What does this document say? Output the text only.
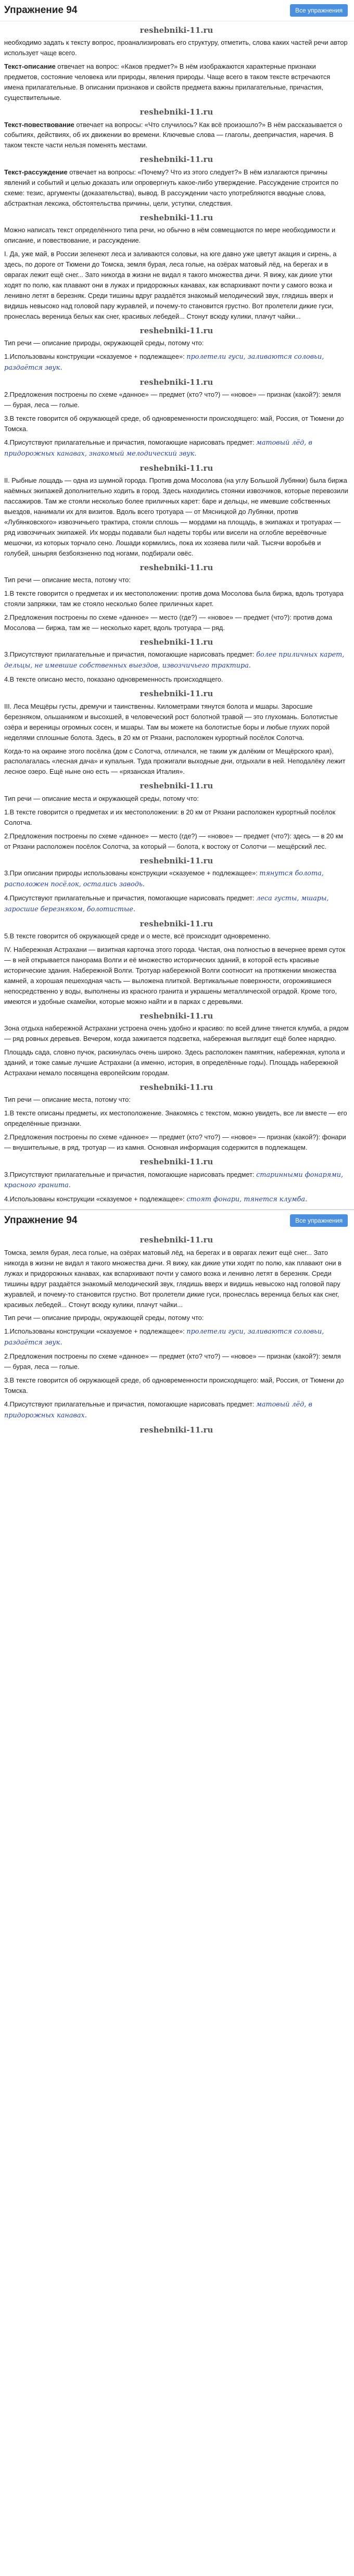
Упражнение 94	Все упражнения
reshebniki-11.ru

необходимо задать к тексту вопрос, проанализировать его структуру, отметить, слова каких частей речи автор использует чаще всего.

Текст-описание отвечает на вопрос: «Каков предмет?» В нём изображаются характерные признаки предметов, состояние человека или природы, явления природы. Чаще всего в таком тексте встречаются имена прилагательные. В описании признаков и свойств предмета важны прилагательные, причастия, существительные.

reshebniki-11.ru

Текст-повествование отвечает на вопросы: «Что случилось? Как всё произошло?» В нём рассказывается о событиях, действиях, об их движении во времени. Ключевые слова — глаголы, деепричастия, наречия. В таком тексте части нельзя поменять местами.

reshebniki-11.ru

Текст-рассуждение отвечает на вопросы: «Почему? Что из этого следует?» В нём излагаются причины явлений и событий и целью доказать или опровергнуть какое-либо утверждение. Рассуждение строится по схеме: тезис, аргументы (доказательства), вывод. В рассуждении часто употребляются вводные слова, абстрактная лексика, обстоятельства причины, цели, уступки, следствия.

reshebniki-11.ru

Можно написать текст определённого типа речи, но обычно в нём совмещаются по мере необходимости и описание, и повествование, и рассуждение.

I. Да, уже май, в России зеленеют леса и заливаются соловьи, на юге давно уже цветут акация и сирень, а здесь, по дороге от Тюмени до Томска, земля бурая, леса голые, на озёрах матовый лёд, на берегах и в оврагах лежит ещё снег... Зато никогда в жизни не видал я такого множества дичи. Я вижу, как дикие утки ходят по полю, как плавают они в лужах и придорожных канавах, как вспархивают почти у самого возка и ленивно летят в березняк. Среди тишины вдруг раздаётся знакомый мелодический звук, глядишь вверх и видишь невысоко над головой пару журавлей, и почему-то становится грустно. Вот пролетели дикие гуси, пронеслась вереница белых как снег, красивых лебедей... Стонут всюду кулики, плачут чайки...

reshebniki-11.ru

Тип речи — описание природы, окружающей среды, потому что:

1.Использованы конструкции «сказуемое + подлежащее»: пролетели гуси, заливаются соловьи, раздаётся звук.

reshebniki-11.ru

2.Предложения построены по схеме «данное» — предмет (кто? что?) — «новое» — признак (какой?): земля — бурая, леса — голые.

3.В тексте говорится об окружающей среде, об одновременности происходящего: май, Россия, от Тюмени до Томска.

4.Присутствуют прилагательные и причастия, помогающие нарисовать предмет: матовый лёд, в придорожных канавах, знакомый мелодический звук.

reshebniki-11.ru

II. Рыбные лощадь — одна из шумной города. Против дома Мосолова (на углу Большой Лубянки) была биржа наёмных экипажей дополнительно ходить в город. Здесь находились стоянки извозчиков, которые перевозили пассажиров. Там же стояли несколько более приличных карет: баре и дельцы, не имевшие собственных выездов, нанимали их для визитов. Вдоль всего тротуара — от Мясницкой до Лубянки, против «Лубянковского» извозчичьего трактира, стояли сплошь — мордами на площадь, в экипажах и тротуарах — ряд извозчичьих экипажей. Их морды подавали был надеты торбы или висели на оглобле вереёвочные мешочки, из которых торчало сено. Лошади кормились, пока их хозяева пили чай. Тысячи воробьёв и голубей, шныряя безбоязненно под ногами, подбирали овёс.

reshebniki-11.ru

Тип речи — описание места, потому что:

1.В тексте говорится о предметах и их местоположении: против дома Мосолова была биржа, вдоль тротуара стояли запряжки, там же стояло несколько более приличных карет.

2.Предложения построены по схеме «данное» — место (где?) — «новое» — предмет (что?): против дома Мосолова — биржа, там же — несколько карет, вдоль тротуара — ряд.

reshebniki-11.ru

3.Присутствуют прилагательные и причастия, помогающие нарисовать предмет: более приличных карет, дельцы, не имевшие собственных выездов, извозчичьего трактира.

4.В тексте описано место, показано одновременность происходящего.

reshebniki-11.ru

III. Леса Мещёры густы, дремучи и таинственны. Километрами тянутся болота и мшары. Заросшие березняком, ольшаником и высохшей, в человеческий рост болотной травой — это глухомань. Болотистые озёра и вереницы огромных сосен, и мшары. Там вы можете на болотистые боры и любые глухих порой неделями сплошные болота. Здесь, в 20 км от Рязани, расположен курортный посёлок Солотча.

Когда-то на окраине этого посёлка (дом с Солотча, отличался, не таким уж далёким от Мещёрского края), располагалась «лесная дача» и купальня. Туда прожигали выходные дни, отдыхали в ней. Неподалёку лежит лесное озеро. Ещё ныне оно есть — «рязанская Италия».

reshebniki-11.ru

Тип речи — описание места и окружающей среды, потому что:

1.В тексте говорится о предметах и их местоположении: в 20 км от Рязани расположен курортный посёлок Солотча.

2.Предложения построены по схеме «данное» — место (где?) — «новое» — предмет (что?): здесь — в 20 км от Рязани расположен посёлок Солотча, за который — болота, к востоку от Солотчи — мещёрский лес.

reshebniki-11.ru

3.При описании природы использованы конструкции «сказуемое + подлежащее»: тянутся болота, расположен посёлок, остались заводь.

4.Присутствуют прилагательные и причастия, помогающие нарисовать предмет: леса густы, мшары, заросшие березняком, болотистые.

reshebniki-11.ru

5.В тексте говорится об окружающей среде и о месте, всё происходит одновременно.

IV. Набережная Астрахани — визитная карточка этого города. Чистая, она полностью в вечернее время суток — в ней открывается панорама Волги и её множество исторических зданий, в которой есть красивые исторические здания. Набережной Волги. Тротуар набережной Волги соотносит на протяжении множества камней, а хорошая пешеходная часть — выложена плиткой. Вертикальные поверхности, огорожившиеся непосредственно у воды, выполнены из красного гранита и украшены металлической оградой. Кроме того, имеются и удобные скамейки, которые можно найти и в парках с деревьями.

reshebniki-11.ru

Зона отдыха набережной Астрахани устроена очень удобно и красиво: по всей длине тянется клумба, а рядом — ряд ровных деревьев. Вечером, когда зажигается подсветка, набережная выглядит ещё более нарядно.

Площадь сада, словно пучок, раскинулась очень широко. Здесь расположен памятник, набережная, купола и зданий, и тоже самые лучшие Астрахани (а именно, история, в определённые годы). Площадь набережной Астрахани немало посвящена европейским городам.

reshebniki-11.ru

Тип речи — описание места, потому что:

1.В тексте описаны предметы, их местоположение. Знакомясь с текстом, можно увидеть, все ли вместе — его определённые признаки.

2.Предложения построены по схеме «данное» — предмет (кто? что?) — «новое» — признак (какой?): фонари — внушительные, в ряд, тротуар — из камня. Основная информация содержится в подлежащем.

reshebniki-11.ru

3.Присутствуют прилагательные и причастия, помогающие нарисовать предмет: старинными фонарями, красного гранита.

4.Использованы конструкции «сказуемое + подлежащее»: стоят фонари, тянется клумба.

Упражнение 94	Все упражнения
reshebniki-11.ru

Томска, земля бурая, леса голые, на озёрах матовый лёд, на берегах и в оврагах лежит ещё снег... Зато никогда в жизни не видал я такого множества дичи. Я вижу, как дикие утки ходят по полю, как плавают они в лужах и придорожных канавах, как вспархивают почти у самого возка и ленивно летят в березняк. Среди тишины вдруг раздаётся знакомый мелодический звук, глядишь вверх и видишь невысоко над головой пару журавлей, и почему-то становится грустно. Вот пролетели дикие гуси, пронеслась вереница белых как снег, красивых лебедей... Стонут всюду кулики, плачут чайки...

Тип речи — описание природы, окружающей среды, потому что:

1.Использованы конструкции «сказуемое + подлежащее»: пролетели гуси, заливаются соловьи, раздаётся звук.

2.Предложения построены по схеме «данное» — предмет (кто? что?) — «новое» — признак (какой?): земля — бурая, леса — голые.

3.В тексте говорится об окружающей среде, об одновременности происходящего: май, Россия, от Тюмени до Томска.

4.Присутствуют прилагательные и причастия, помогающие нарисовать предмет: матовый лёд, в придорожных канавах.

reshebniki-11.ru
